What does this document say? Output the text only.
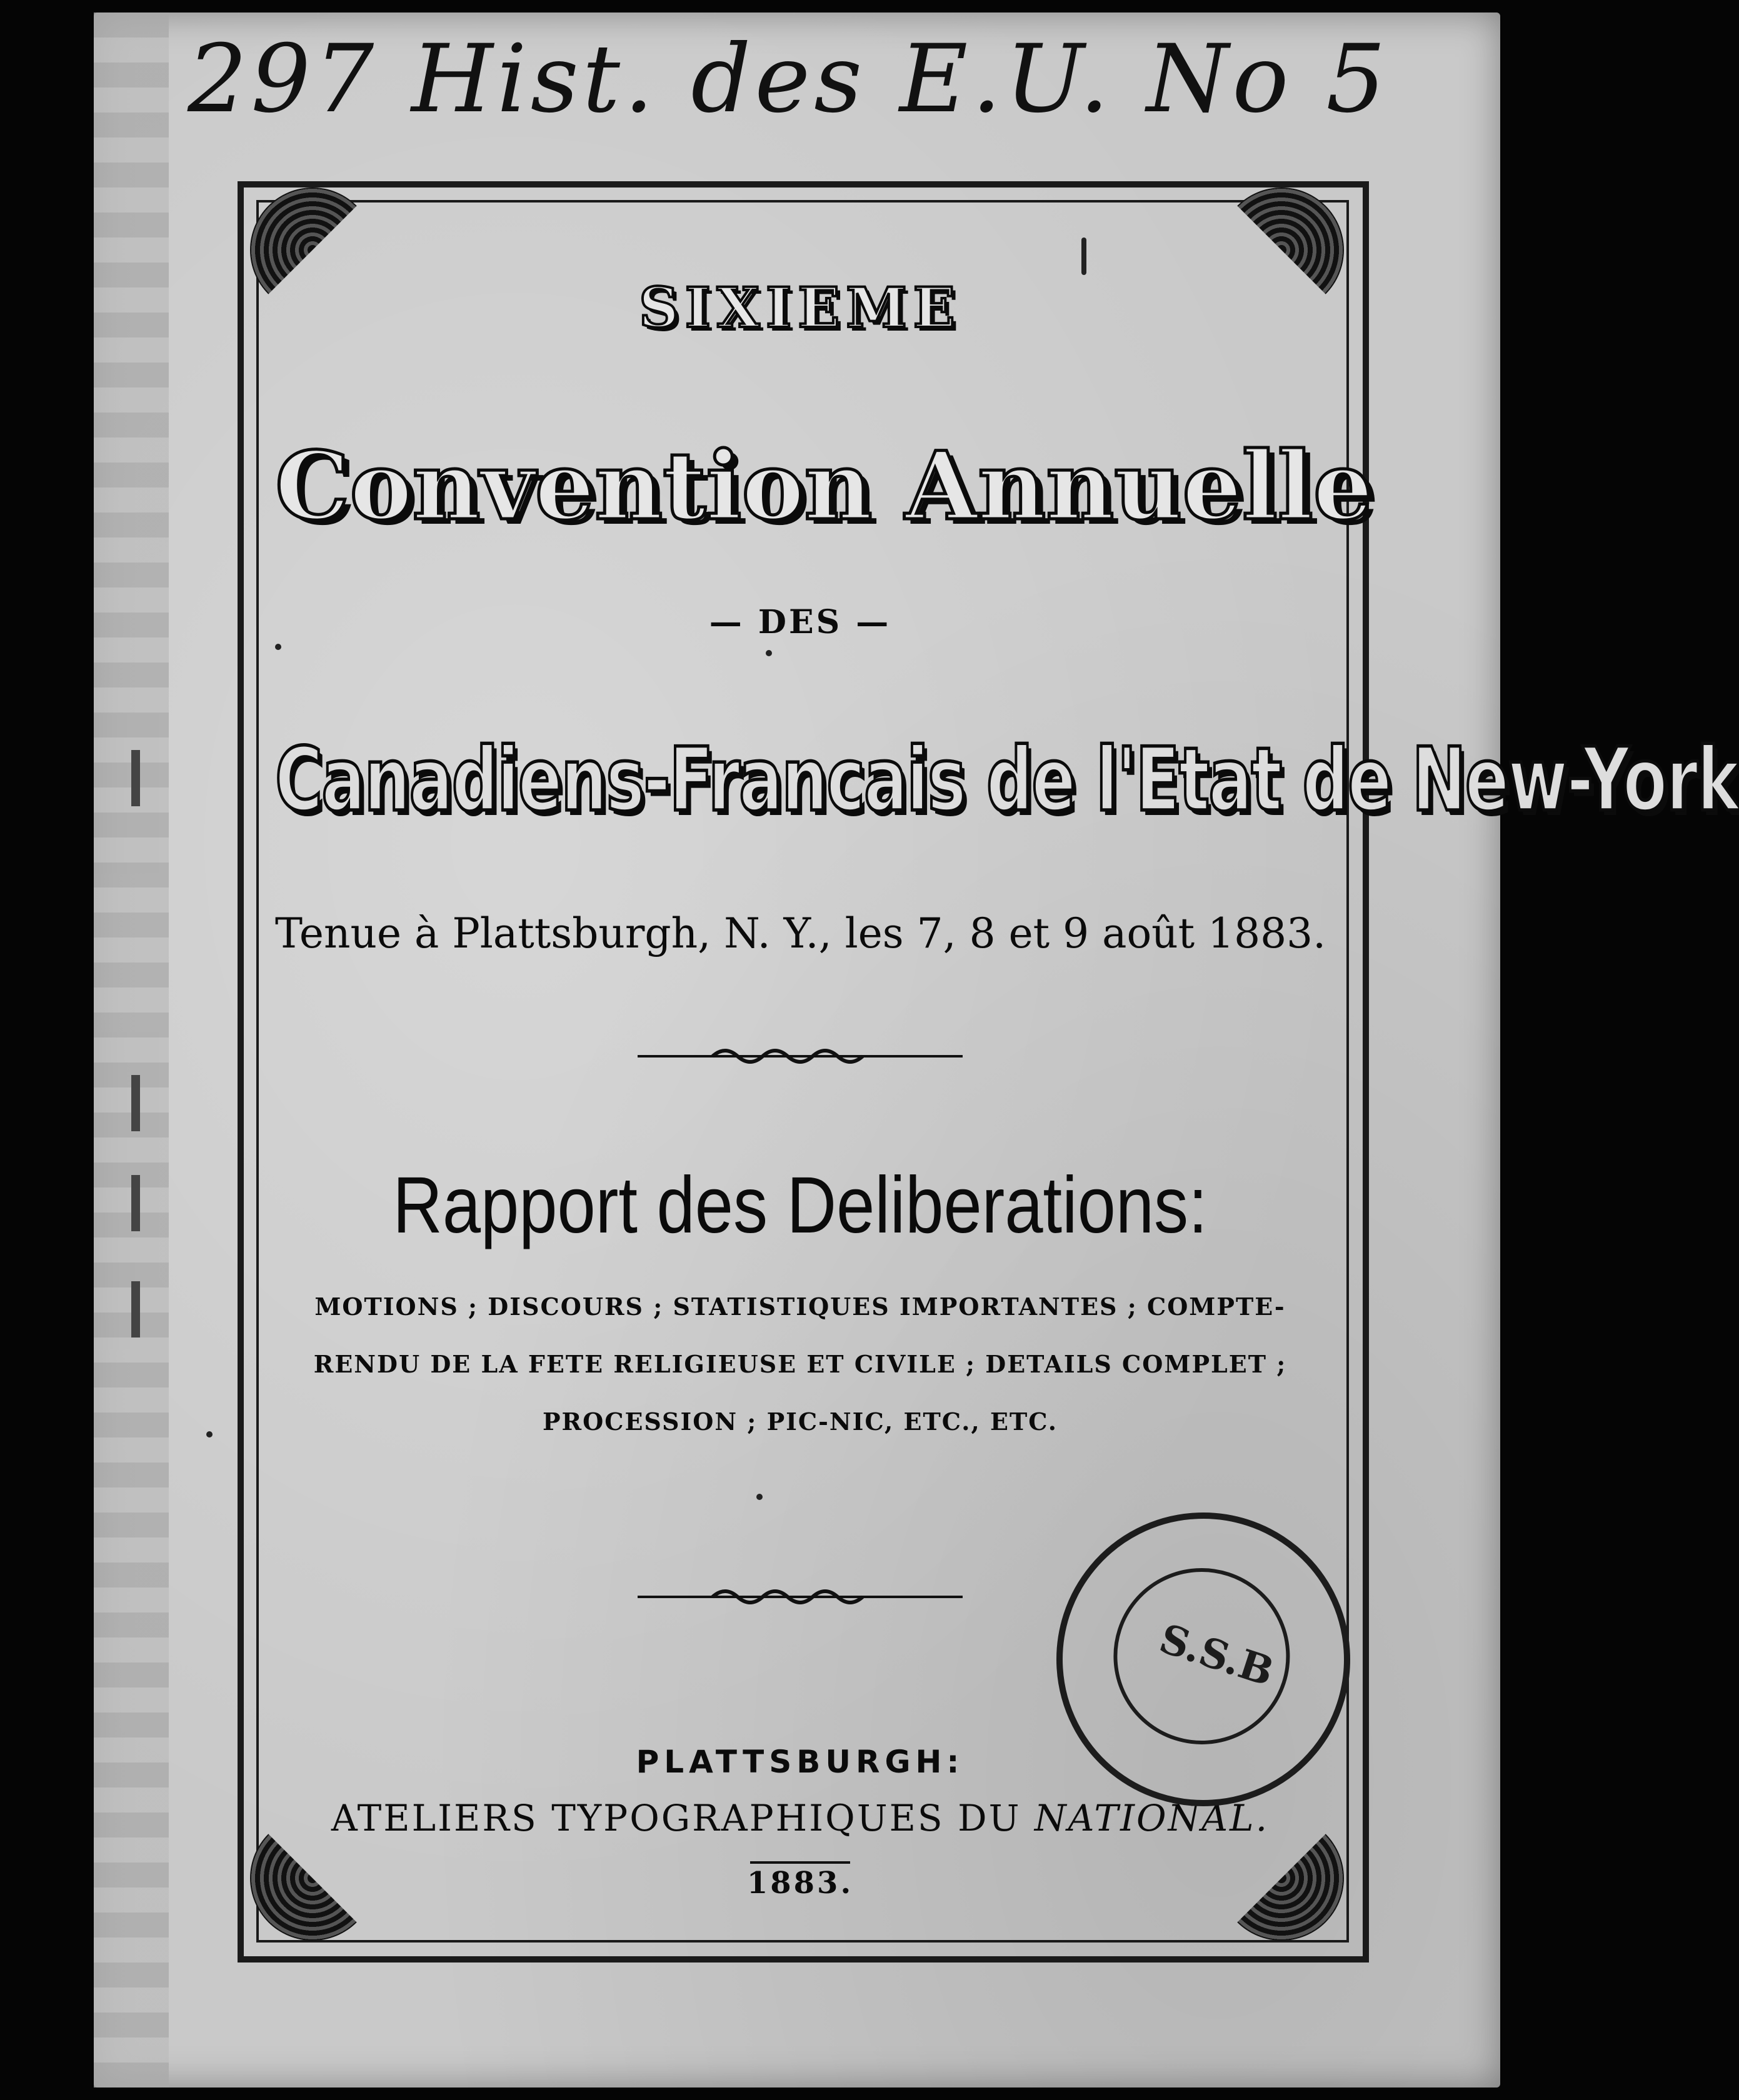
297 Hist. des E.U. No 5
SIXIEME
Convention Annuelle
— DES —
Canadiens-Francais de l'Etat de New-York
Tenue à Plattsburgh, N. Y., les 7, 8 et 9 août 1883.
Rapport des Deliberations:
MOTIONS ; DISCOURS ; STATISTIQUES IMPORTANTES ; COMPTE-RENDU DE LA FETE RELIGIEUSE ET CIVILE ; DETAILS COMPLET ; PROCESSION ; PIC-NIC, ETC., ETC.
PLATTSBURGH:
ATELIERS TYPOGRAPHIQUES DU NATIONAL.
1883.
S.S.B
